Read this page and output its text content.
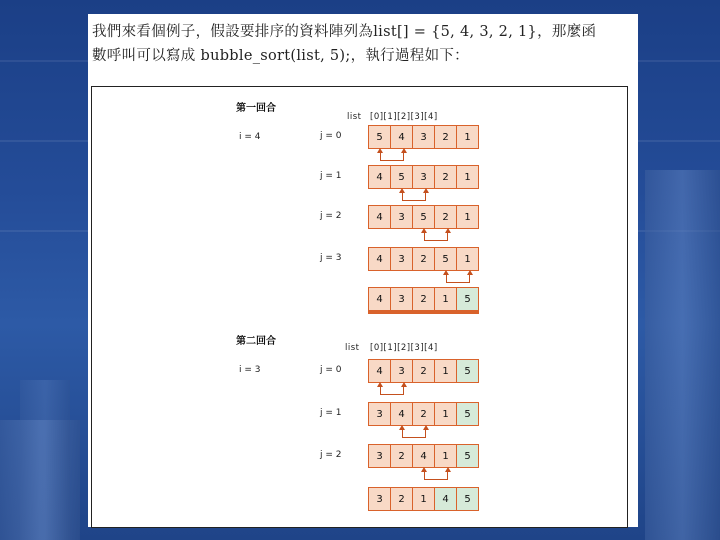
我們來看個例子，假設要排序的資料陣列為list[] = {5, 4, 3, 2, 1}，那麼函
數呼叫可以寫成 bubble_sort(list, 5);，執行過程如下：
第一回合
list [0][1][2][3][4]
i = 4	j = 0	5	4	3	2	1
j = 1	4	5	3	2	1
j = 2	4	3	5	2	1
j = 3	4	3	2	5	1
4	3	2	1	5
第二回合
list [0][1][2][3][4]
i = 3	j = 0	4	3	2	1	5
j = 1	3	4	2	1	5
j = 2	3	2	4	1	5
3	2	1	4	5
